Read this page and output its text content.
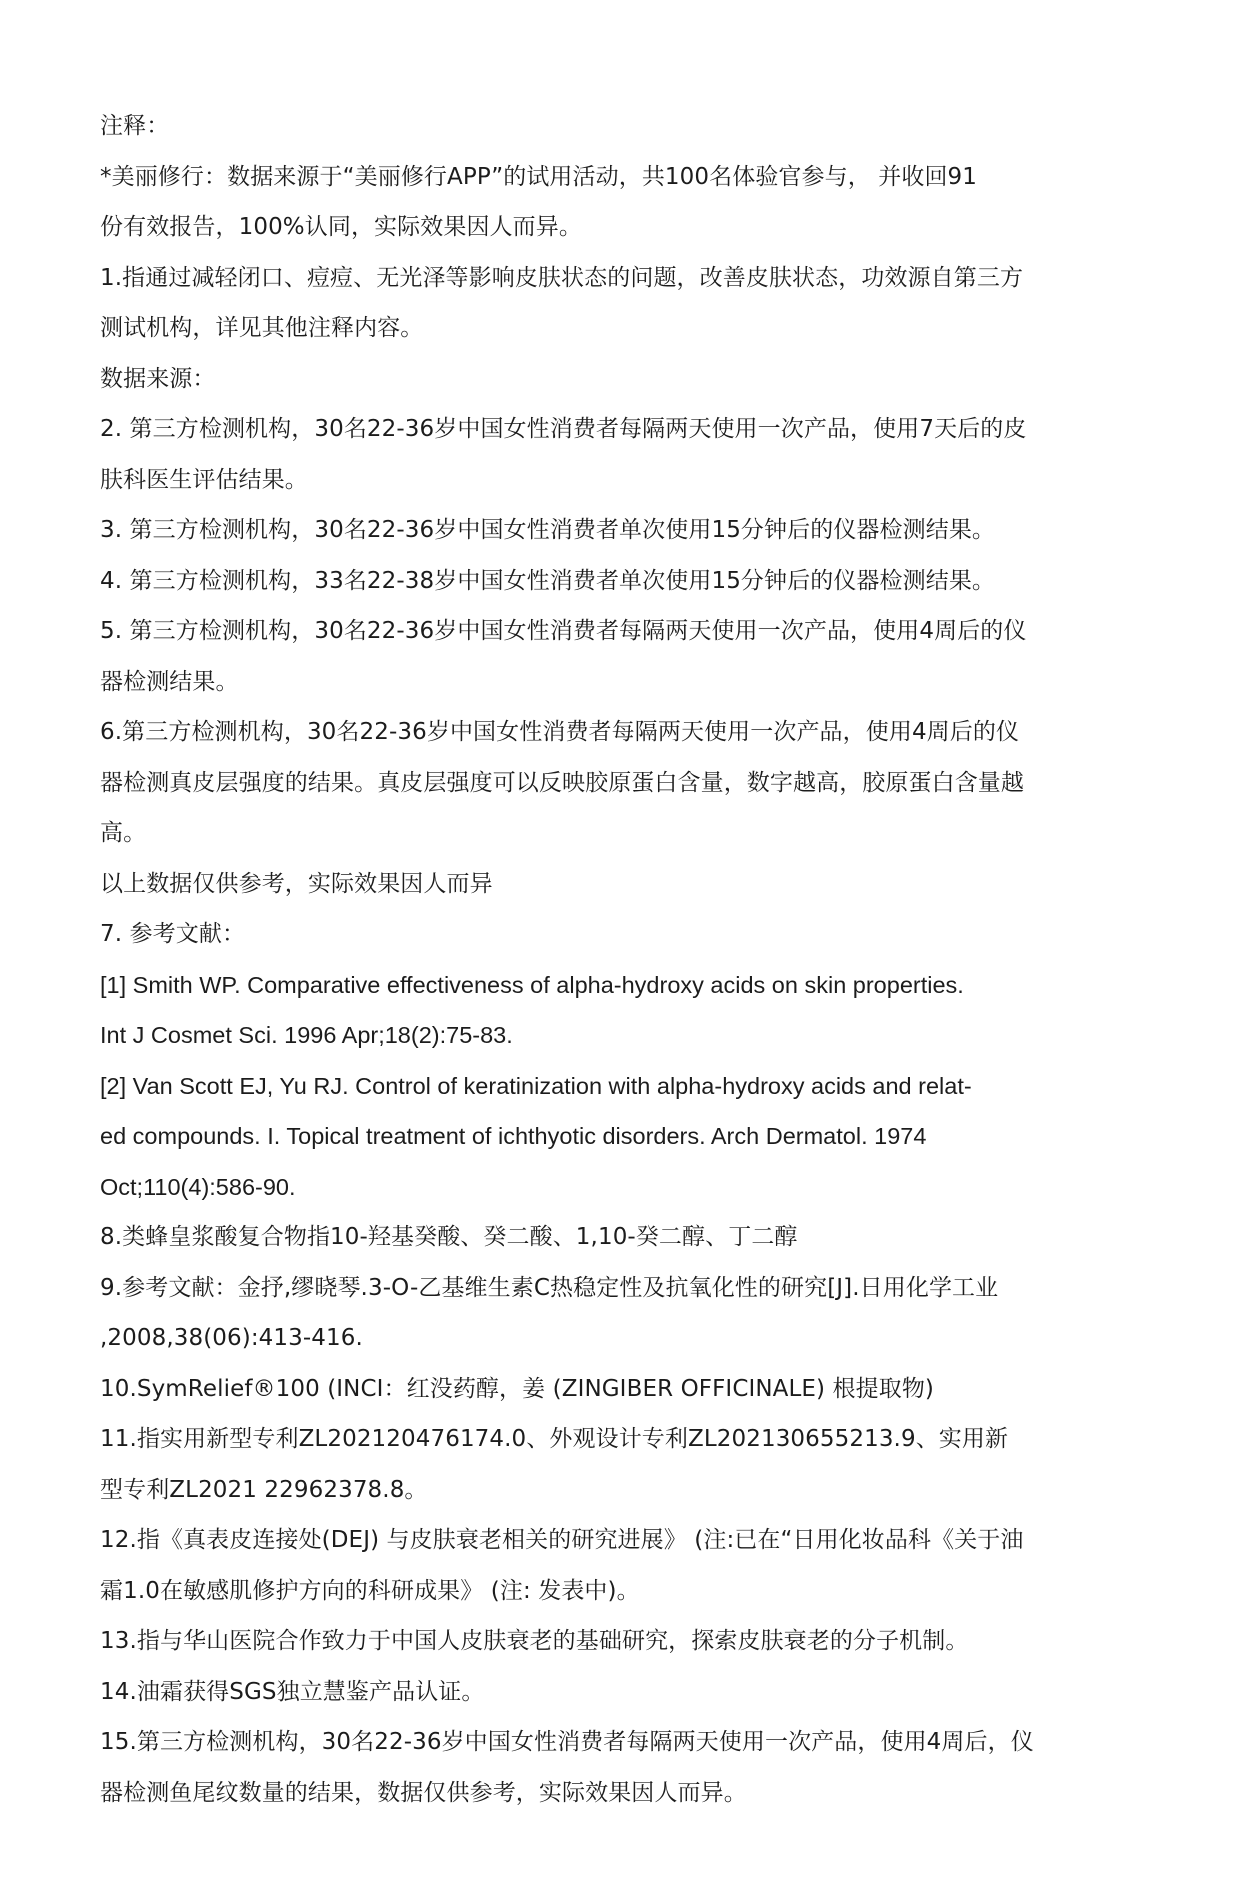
注释：
*美丽修行：数据来源于“美丽修行APP”的试用活动，共100名体验官参与， 并收回91
份有效报告，100%认同，实际效果因人而异。
1.指通过减轻闭口、痘痘、无光泽等影响皮肤状态的问题，改善皮肤状态，功效源自第三方
测试机构，详见其他注释内容。
数据来源：
2. 第三方检测机构，30名22-36岁中国女性消费者每隔两天使用一次产品，使用7天后的皮
肤科医生评估结果。
3. 第三方检测机构，30名22-36岁中国女性消费者单次使用15分钟后的仪器检测结果。
4. 第三方检测机构，33名22-38岁中国女性消费者单次使用15分钟后的仪器检测结果。
5. 第三方检测机构，30名22-36岁中国女性消费者每隔两天使用一次产品，使用4周后的仪
器检测结果。
6.第三方检测机构，30名22-36岁中国女性消费者每隔两天使用一次产品，使用4周后的仪
器检测真皮层强度的结果。真皮层强度可以反映胶原蛋白含量，数字越高，胶原蛋白含量越
高。
以上数据仅供参考，实际效果因人而异
7. 参考文献：
[1] Smith WP. Comparative effectiveness of alpha-hydroxy acids on skin properties.
Int J Cosmet Sci. 1996 Apr;18(2):75-83.
[2] Van Scott EJ, Yu RJ. Control of keratinization with alpha-hydroxy acids and relat-
ed compounds. I. Topical treatment of ichthyotic disorders. Arch Dermatol. 1974
Oct;110(4):586-90.
8.类蜂皇浆酸复合物指10-羟基癸酸、癸二酸、1,10-癸二醇、丁二醇
9.参考文献：金抒,缪晓琴.3-O-乙基维生素C热稳定性及抗氧化性的研究[J].日用化学工业
,2008,38(06):413-416.
10.SymRelief®100 (INCI：红没药醇，姜 (ZINGIBER OFFICINALE) 根提取物)
11.指实用新型专利ZL202120476174.0、外观设计专利ZL202130655213.9、实用新
型专利ZL2021 22962378.8。
12.指《真表皮连接处(DEJ) 与皮肤衰老相关的研究进展》 (注:已在“日用化妆品科《关于油
霜1.0在敏感肌修护方向的科研成果》 (注: 发表中)。
13.指与华山医院合作致力于中国人皮肤衰老的基础研究，探索皮肤衰老的分子机制。
14.油霜获得SGS独立慧鉴产品认证。
15.第三方检测机构，30名22-36岁中国女性消费者每隔两天使用一次产品，使用4周后，仪
器检测鱼尾纹数量的结果，数据仅供参考，实际效果因人而异。
